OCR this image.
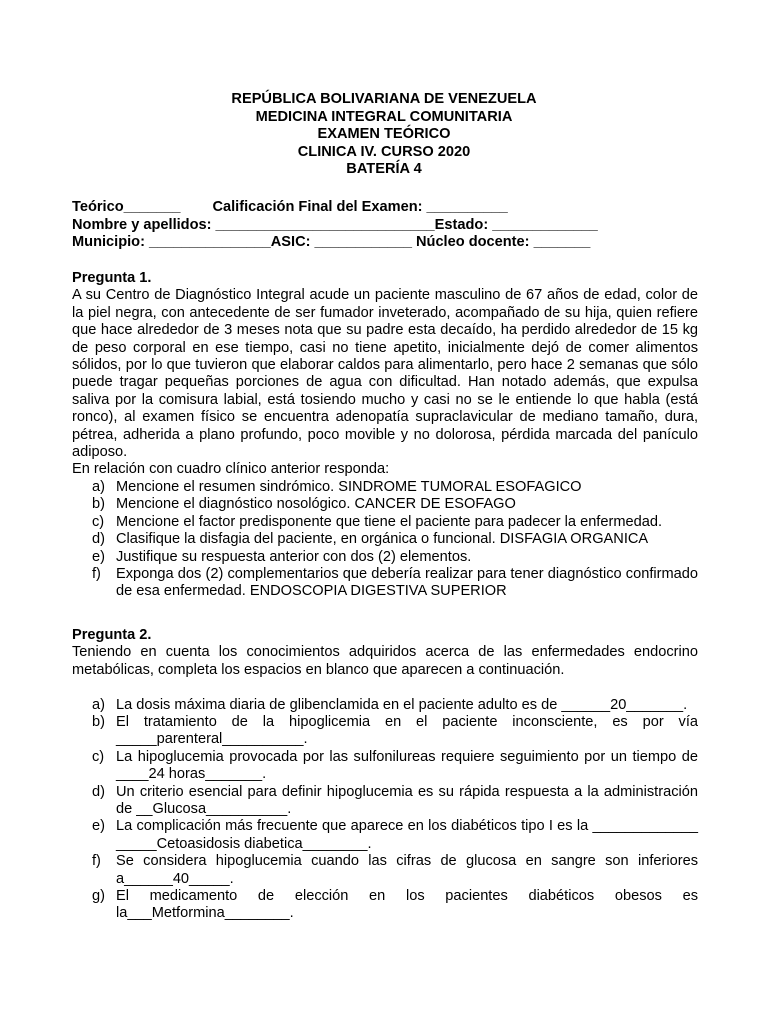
REPÚBLICA BOLIVARIANA DE VENEZUELA
MEDICINA INTEGRAL COMUNITARIA
EXAMEN TEÓRICO
CLINICA IV. CURSO 2020
BATERÍA 4
Teórico_______ Calificación Final del Examen: __________
Nombre y apellidos: ___________________________Estado: _____________
Municipio: _______________ASIC: ____________ Núcleo docente: _______
Pregunta 1.
A su Centro de Diagnóstico Integral acude un paciente masculino de 67 años de edad, color de la piel negra, con antecedente de ser fumador inveterado, acompañado de su hija, quien refiere que hace alrededor de 3 meses nota que su padre esta decaído, ha perdido alrededor de 15 kg de peso corporal en ese tiempo, casi no tiene apetito, inicialmente dejó de comer alimentos sólidos, por lo que tuvieron que elaborar caldos para alimentarlo, pero hace 2 semanas que sólo puede tragar pequeñas porciones de agua con dificultad. Han notado además, que expulsa saliva por la comisura labial, está tosiendo mucho y casi no se le entiende lo que habla (está ronco), al examen físico se encuentra adenopatía supraclavicular de mediano tamaño, dura, pétrea, adherida a plano profundo, poco movible y no dolorosa, pérdida marcada del panículo adiposo.
En relación con cuadro clínico anterior responda:
a) Mencione el resumen sindrómico. SINDROME TUMORAL ESOFAGICO
b) Mencione el diagnóstico nosológico. CANCER DE ESOFAGO
c) Mencione el factor predisponente que tiene el paciente para padecer la enfermedad.
d) Clasifique la disfagia del paciente, en orgánica o funcional. DISFAGIA ORGANICA
e) Justifique su respuesta anterior con dos (2) elementos.
f) Exponga dos (2) complementarios que debería realizar para tener diagnóstico confirmado de esa enfermedad. ENDOSCOPIA DIGESTIVA SUPERIOR
Pregunta 2.
Teniendo en cuenta los conocimientos adquiridos acerca de las enfermedades endocrino metabólicas, completa los espacios en blanco que aparecen a continuación.
a) La dosis máxima diaria de glibenclamida en el paciente adulto es de ______20_______.
b) El tratamiento de la hipoglicemia en el paciente inconsciente, es por vía _____parenteral__________.
c) La hipoglucemia provocada por las sulfonilureas requiere seguimiento por un tiempo de ____24 horas_______.
d) Un criterio esencial para definir hipoglucemia es su rápida respuesta a la administración de __Glucosa__________.
e) La complicación más frecuente que aparece en los diabéticos tipo I es la _____________ _____Cetoasidosis diabetica________.
f) Se considera hipoglucemia cuando las cifras de glucosa en sangre son inferiores a______40_____.
g) El medicamento de elección en los pacientes diabéticos obesos es la___Metformina________.
